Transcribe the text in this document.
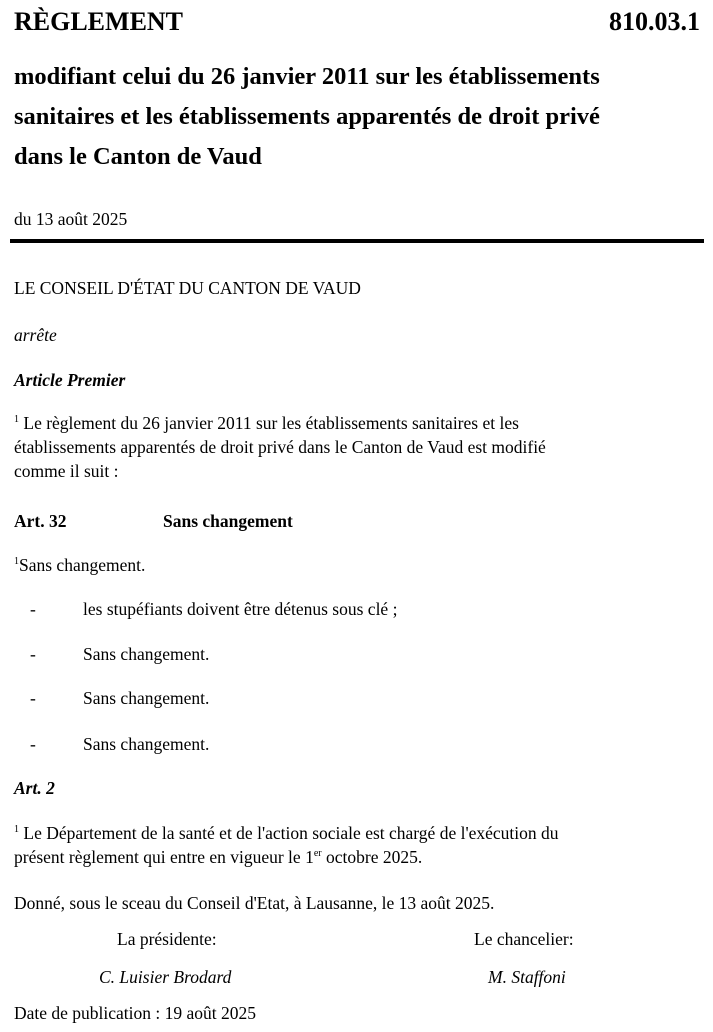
RÈGLEMENT	810.03.1
modifiant celui du 26 janvier 2011 sur les établissements
sanitaires et les établissements apparentés de droit privé
dans le Canton de Vaud
du 13 août 2025
LE CONSEIL D'ÉTAT DU CANTON DE VAUD
arrête
Article Premier
$^1$ Le règlement du 26 janvier 2011 sur les établissements sanitaires et les
établissements apparentés de droit privé dans le Canton de Vaud est modifié
comme il suit :
Art. 32	Sans changement
$^1$Sans changement.
-	les stupéfiants doivent être détenus sous clé ;
-	Sans changement.
-	Sans changement.
-	Sans changement.
Art. 2
$^1$ Le Département de la santé et de l'action sociale est chargé de l'exécution du
présent règlement qui entre en vigueur le 1er octobre 2025.
Donné, sous le sceau du Conseil d'Etat, à Lausanne, le 13 août 2025.
La présidente:	Le chancelier:
C. Luisier Brodard	M. Staffoni
Date de publication : 19 août 2025
